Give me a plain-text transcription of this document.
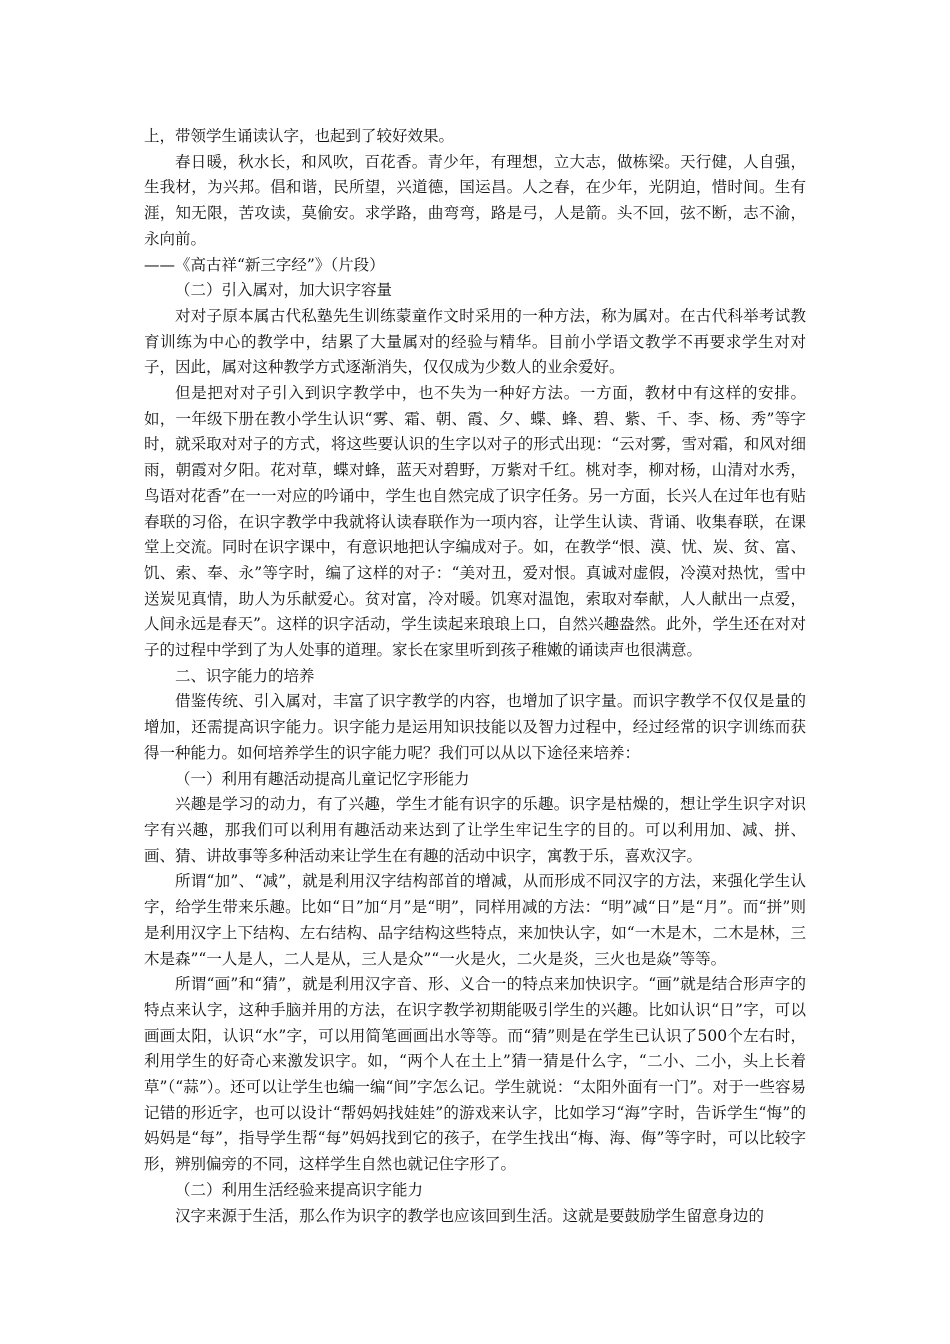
上，带领学生诵读认字，也起到了较好效果。

春日暖，秋水长，和风吹，百花香。青少年，有理想，立大志，做栋梁。天行健，人自强，生我材，为兴邦。倡和谐，民所望，兴道德，国运昌。人之春，在少年，光阴迫，惜时间。生有涯，知无限，苦攻读，莫偷安。求学路，曲弯弯，路是弓，人是箭。头不回，弦不断，志不渝，永向前。

——《高古祥“新三字经”》（片段）

（二）引入属对，加大识字容量

对对子原本属古代私塾先生训练蒙童作文时采用的一种方法，称为属对。在古代科举考试教育训练为中心的教学中，结累了大量属对的经验与精华。目前小学语文教学不再要求学生对对子，因此，属对这种教学方式逐渐消失，仅仅成为少数人的业余爱好。

但是把对对子引入到识字教学中，也不失为一种好方法。一方面，教材中有这样的安排。如，一年级下册在教小学生认识“雾、霜、朝、霞、夕、蝶、蜂、碧、紫、千、李、杨、秀”等字时，就采取对对子的方式，将这些要认识的生字以对子的形式出现：“云对雾，雪对霜，和风对细雨，朝霞对夕阳。花对草，蝶对蜂，蓝天对碧野，万紫对千红。桃对李，柳对杨，山清对水秀，鸟语对花香”在一一对应的吟诵中，学生也自然完成了识字任务。另一方面，长兴人在过年也有贴春联的习俗，在识字教学中我就将认读春联作为一项内容，让学生认读、背诵、收集春联，在课堂上交流。同时在识字课中，有意识地把认字编成对子。如，在教学“恨、漠、忧、炭、贫、富、饥、索、奉、永”等字时，编了这样的对子：“美对丑，爱对恨。真诚对虚假，冷漠对热忱，雪中送炭见真情，助人为乐献爱心。贫对富，冷对暖。饥寒对温饱，索取对奉献，人人献出一点爱，人间永远是春天”。这样的识字活动，学生读起来琅琅上口，自然兴趣盎然。此外，学生还在对对子的过程中学到了为人处事的道理。家长在家里听到孩子稚嫩的诵读声也很满意。

二、识字能力的培养

借鉴传统、引入属对，丰富了识字教学的内容，也增加了识字量。而识字教学不仅仅是量的增加，还需提高识字能力。识字能力是运用知识技能以及智力过程中，经过经常的识字训练而获得一种能力。如何培养学生的识字能力呢？我们可以从以下途径来培养：

（一）利用有趣活动提高儿童记忆字形能力

兴趣是学习的动力，有了兴趣，学生才能有识字的乐趣。识字是枯燥的，想让学生识字对识字有兴趣，那我们可以利用有趣活动来达到了让学生牢记生字的目的。可以利用加、减、拼、画、猜、讲故事等多种活动来让学生在有趣的活动中识字，寓教于乐，喜欢汉字。

所谓“加”、“减”，就是利用汉字结构部首的增减，从而形成不同汉字的方法，来强化学生认字，给学生带来乐趣。比如“日”加“月”是“明”，同样用减的方法：“明”减“日”是“月”。而“拼”则是利用汉字上下结构、左右结构、品字结构这些特点，来加快认字，如“一木是木，二木是林，三木是森”“一人是人，二人是从，三人是众”“一火是火，二火是炎，三火也是焱”等等。

所谓“画”和“猜”，就是利用汉字音、形、义合一的特点来加快识字。“画”就是结合形声字的特点来认字，这种手脑并用的方法，在识字教学初期能吸引学生的兴趣。比如认识“日”字，可以画画太阳，认识“水”字，可以用简笔画画出水等等。而“猜”则是在学生已认识了500个左右时，利用学生的好奇心来激发识字。如，“两个人在土上”猜一猜是什么字，“二小、二小，头上长着草”（“蒜”）。还可以让学生也编一编“间”字怎么记。学生就说：“太阳外面有一门”。对于一些容易记错的形近字，也可以设计“帮妈妈找娃娃”的游戏来认字，比如学习“海”字时，告诉学生“悔”的妈妈是“每”，指导学生帮“每”妈妈找到它的孩子，在学生找出“梅、海、侮”等字时，可以比较字形，辨别偏旁的不同，这样学生自然也就记住字形了。

（二）利用生活经验来提高识字能力

汉字来源于生活，那么作为识字的教学也应该回到生活。这就是要鼓励学生留意身边的
